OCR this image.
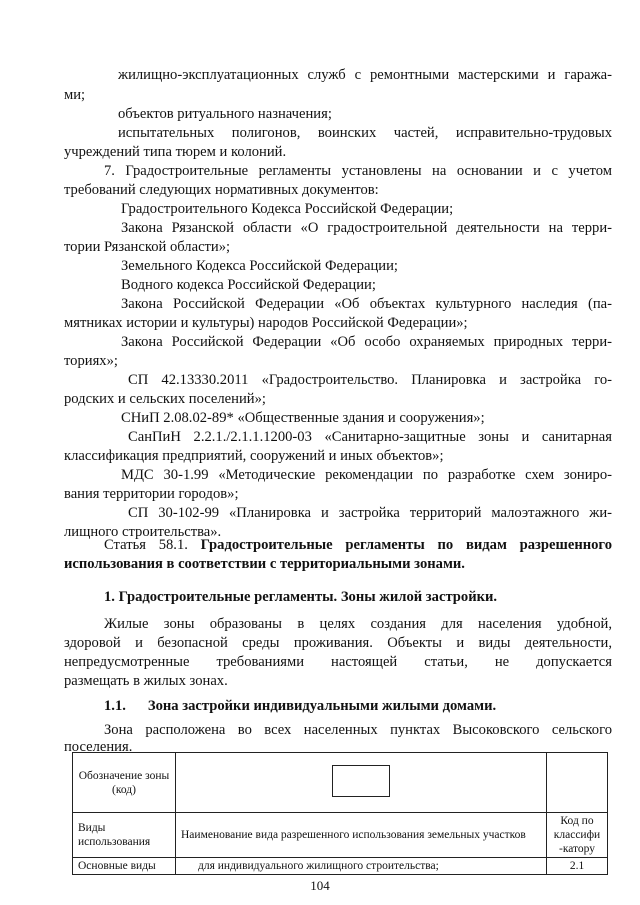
жилищно-эксплуатационных служб с ремонтными мастерскими и гаража-
ми;
объектов ритуального назначения;
испытательных полигонов, воинских частей, исправительно-трудовых
учреждений типа тюрем и колоний.
7. Градостроительные регламенты установлены на основании и с учетом
требований следующих нормативных документов:
Градостроительного Кодекса Российской Федерации;
Закона Рязанской области «О градостроительной деятельности на терри-
тории Рязанской области»;
Земельного Кодекса Российской Федерации;
Водного кодекса Российской Федерации;
Закона Российской Федерации «Об объектах культурного наследия (па-
мятниках истории и культуры) народов Российской Федерации»;
Закона Российской Федерации «Об особо охраняемых природных терри-
ториях»;
СП 42.13330.2011 «Градостроительство. Планировка и застройка го-
родских и сельских поселений»;
СНиП 2.08.02-89* «Общественные здания и сооружения»;
СанПиН 2.2.1./2.1.1.1200-03 «Санитарно-защитные зоны и санитарная
классификация предприятий, сооружений и иных объектов»;
МДС 30-1.99 «Методические рекомендации по разработке схем зониро-
вания территории городов»;
СП 30-102-99 «Планировка и застройка территорий малоэтажного жи-
лищного строительства».
Статья 58.1. Градостроительные регламенты по видам разрешенного
использования в соответствии с территориальными зонами.
1. Градостроительные регламенты. Зоны жилой застройки.
Жилые зоны образованы в целях создания для населения удобной,
здоровой и безопасной среды проживания. Объекты и виды деятельности,
непредусмотренные требованиями настоящей статьи, не допускается
размещать в жилых зонах.
1.1. Зона застройки индивидуальными жилыми домами.
Зона расположена во всех населенных пунктах Высоковского сельского
поселения.
Обозначение зоны (код)		
Виды использования	Наименование вида разрешенного использования земельных участков	Код по классифи -катору
Основные виды	для индивидуального жилищного строительства;	2.1
104
